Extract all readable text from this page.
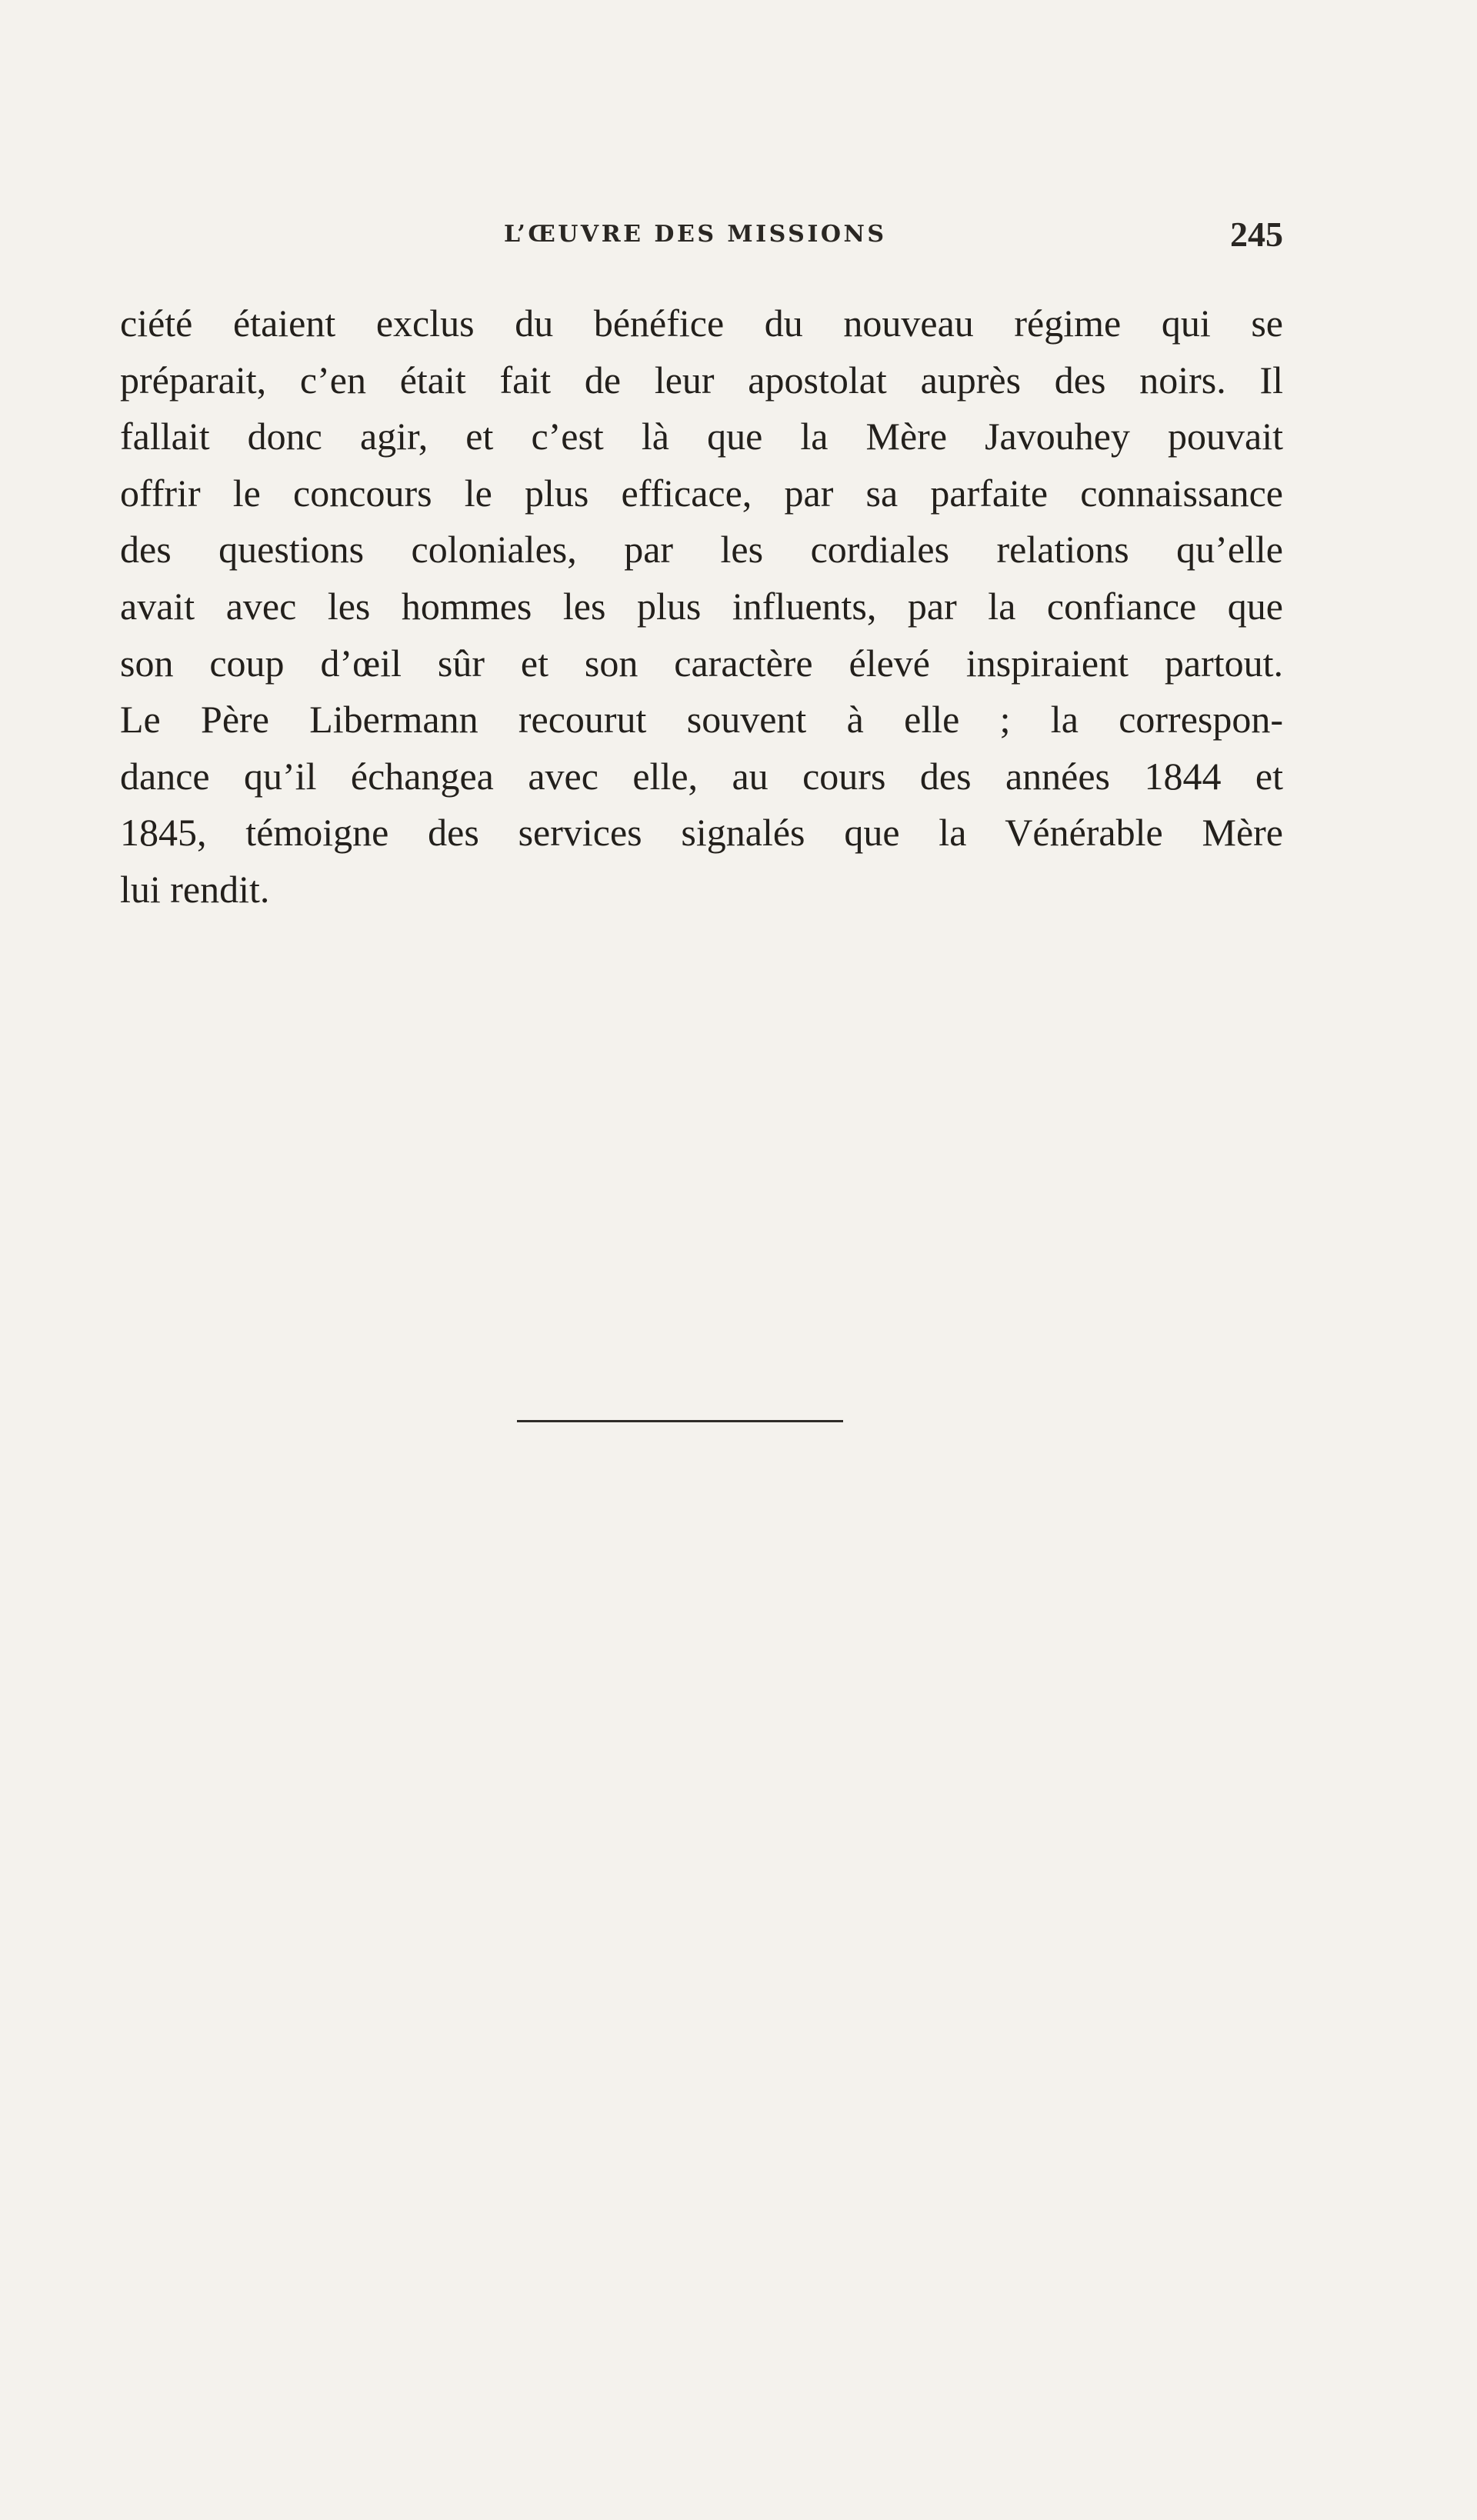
L’ŒUVRE DES MISSIONS	245
ciété étaient exclus du bénéfice du nouveau régime qui se
préparait, c’en était fait de leur apostolat auprès des noirs. Il
fallait donc agir, et c’est là que la Mère Javouhey pouvait
offrir le concours le plus efficace, par sa parfaite connaissance
des questions coloniales, par les cordiales relations qu’elle
avait avec les hommes les plus influents, par la confiance que
son coup d’œil sûr et son caractère élevé inspiraient partout.
Le Père Libermann recourut souvent à elle ; la correspon-
dance qu’il échangea avec elle, au cours des années 1844 et
1845, témoigne des services signalés que la Vénérable Mère
lui rendit.
